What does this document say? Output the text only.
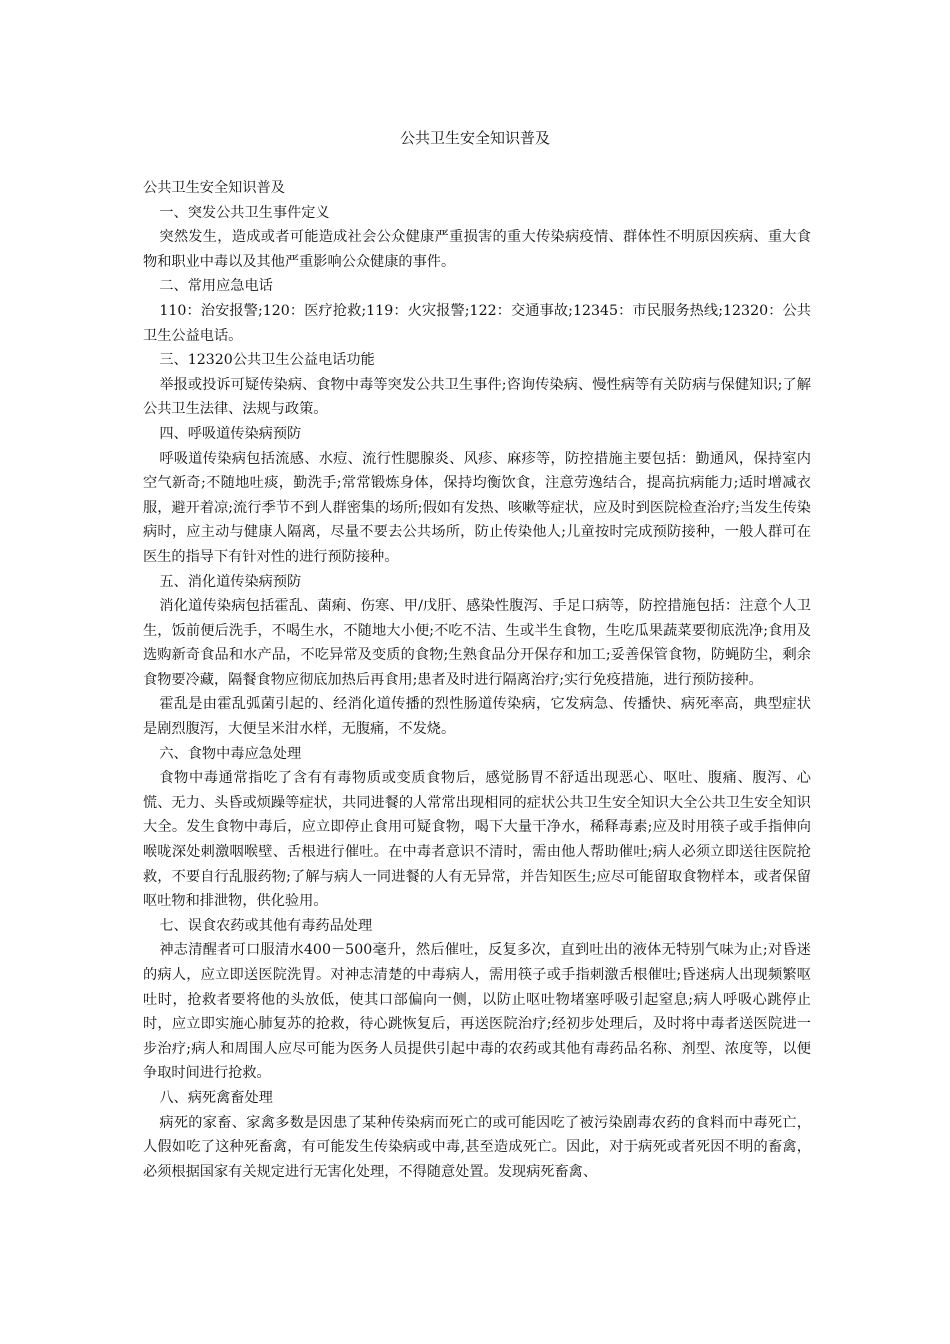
公共卫生安全知识普及

公共卫生安全知识普及

一、突发公共卫生事件定义

突然发生，造成或者可能造成社会公众健康严重损害的重大传染病疫情、群体性不明原因疾病、重大食物和职业中毒以及其他严重影响公众健康的事件。

二、常用应急电话

110：治安报警;120：医疗抢救;119：火灾报警;122：交通事故;12345：市民服务热线;12320：公共卫生公益电话。

三、12320公共卫生公益电话功能

举报或投诉可疑传染病、食物中毒等突发公共卫生事件;咨询传染病、慢性病等有关防病与保健知识;了解公共卫生法律、法规与政策。

四、呼吸道传染病预防

呼吸道传染病包括流感、水痘、流行性腮腺炎、风疹、麻疹等，防控措施主要包括：勤通风，保持室内空气新奇;不随地吐痰，勤洗手;常常锻炼身体，保持均衡饮食，注意劳逸结合，提高抗病能力;适时增减衣服，避开着凉;流行季节不到人群密集的场所;假如有发热、咳嗽等症状，应及时到医院检查治疗;当发生传染病时，应主动与健康人隔离，尽量不要去公共场所，防止传染他人;儿童按时完成预防接种，一般人群可在医生的指导下有针对性的进行预防接种。

五、消化道传染病预防

消化道传染病包括霍乱、菌痢、伤寒、甲/戊肝、感染性腹泻、手足口病等，防控措施包括：注意个人卫生，饭前便后洗手，不喝生水，不随地大小便;不吃不洁、生或半生食物，生吃瓜果蔬菜要彻底洗净;食用及选购新奇食品和水产品，不吃异常及变质的食物;生熟食品分开保存和加工;妥善保管食物，防蝇防尘，剩余食物要冷藏，隔餐食物应彻底加热后再食用;患者及时进行隔离治疗;实行免疫措施，进行预防接种。

霍乱是由霍乱弧菌引起的、经消化道传播的烈性肠道传染病，它发病急、传播快、病死率高，典型症状是剧烈腹泻，大便呈米泔水样，无腹痛，不发烧。

六、食物中毒应急处理

食物中毒通常指吃了含有有毒物质或变质食物后，感觉肠胃不舒适出现恶心、呕吐、腹痛、腹泻、心慌、无力、头昏或烦躁等症状，共同进餐的人常常出现相同的症状公共卫生安全知识大全公共卫生安全知识大全。发生食物中毒后，应立即停止食用可疑食物，喝下大量干净水，稀释毒素;应及时用筷子或手指伸向喉咙深处刺激咽喉壁、舌根进行催吐。在中毒者意识不清时，需由他人帮助催吐;病人必须立即送往医院抢救，不要自行乱服药物;了解与病人一同进餐的人有无异常，并告知医生;应尽可能留取食物样本，或者保留呕吐物和排泄物，供化验用。

七、误食农药或其他有毒药品处理

神志清醒者可口服清水400－500毫升，然后催吐，反复多次，直到吐出的液体无特别气味为止;对昏迷的病人，应立即送医院洗胃。对神志清楚的中毒病人，需用筷子或手指刺激舌根催吐;昏迷病人出现频繁呕吐时，抢救者要将他的头放低，使其口部偏向一侧，以防止呕吐物堵塞呼吸引起窒息;病人呼吸心跳停止时，应立即实施心肺复苏的抢救，待心跳恢复后，再送医院治疗;经初步处理后，及时将中毒者送医院进一步治疗;病人和周围人应尽可能为医务人员提供引起中毒的农药或其他有毒药品名称、剂型、浓度等，以便争取时间进行抢救。

八、病死禽畜处理

病死的家畜、家禽多数是因患了某种传染病而死亡的或可能因吃了被污染剧毒农药的食料而中毒死亡，人假如吃了这种死畜禽，有可能发生传染病或中毒,甚至造成死亡。因此，对于病死或者死因不明的畜禽，必须根据国家有关规定进行无害化处理，不得随意处置。发现病死畜禽、
